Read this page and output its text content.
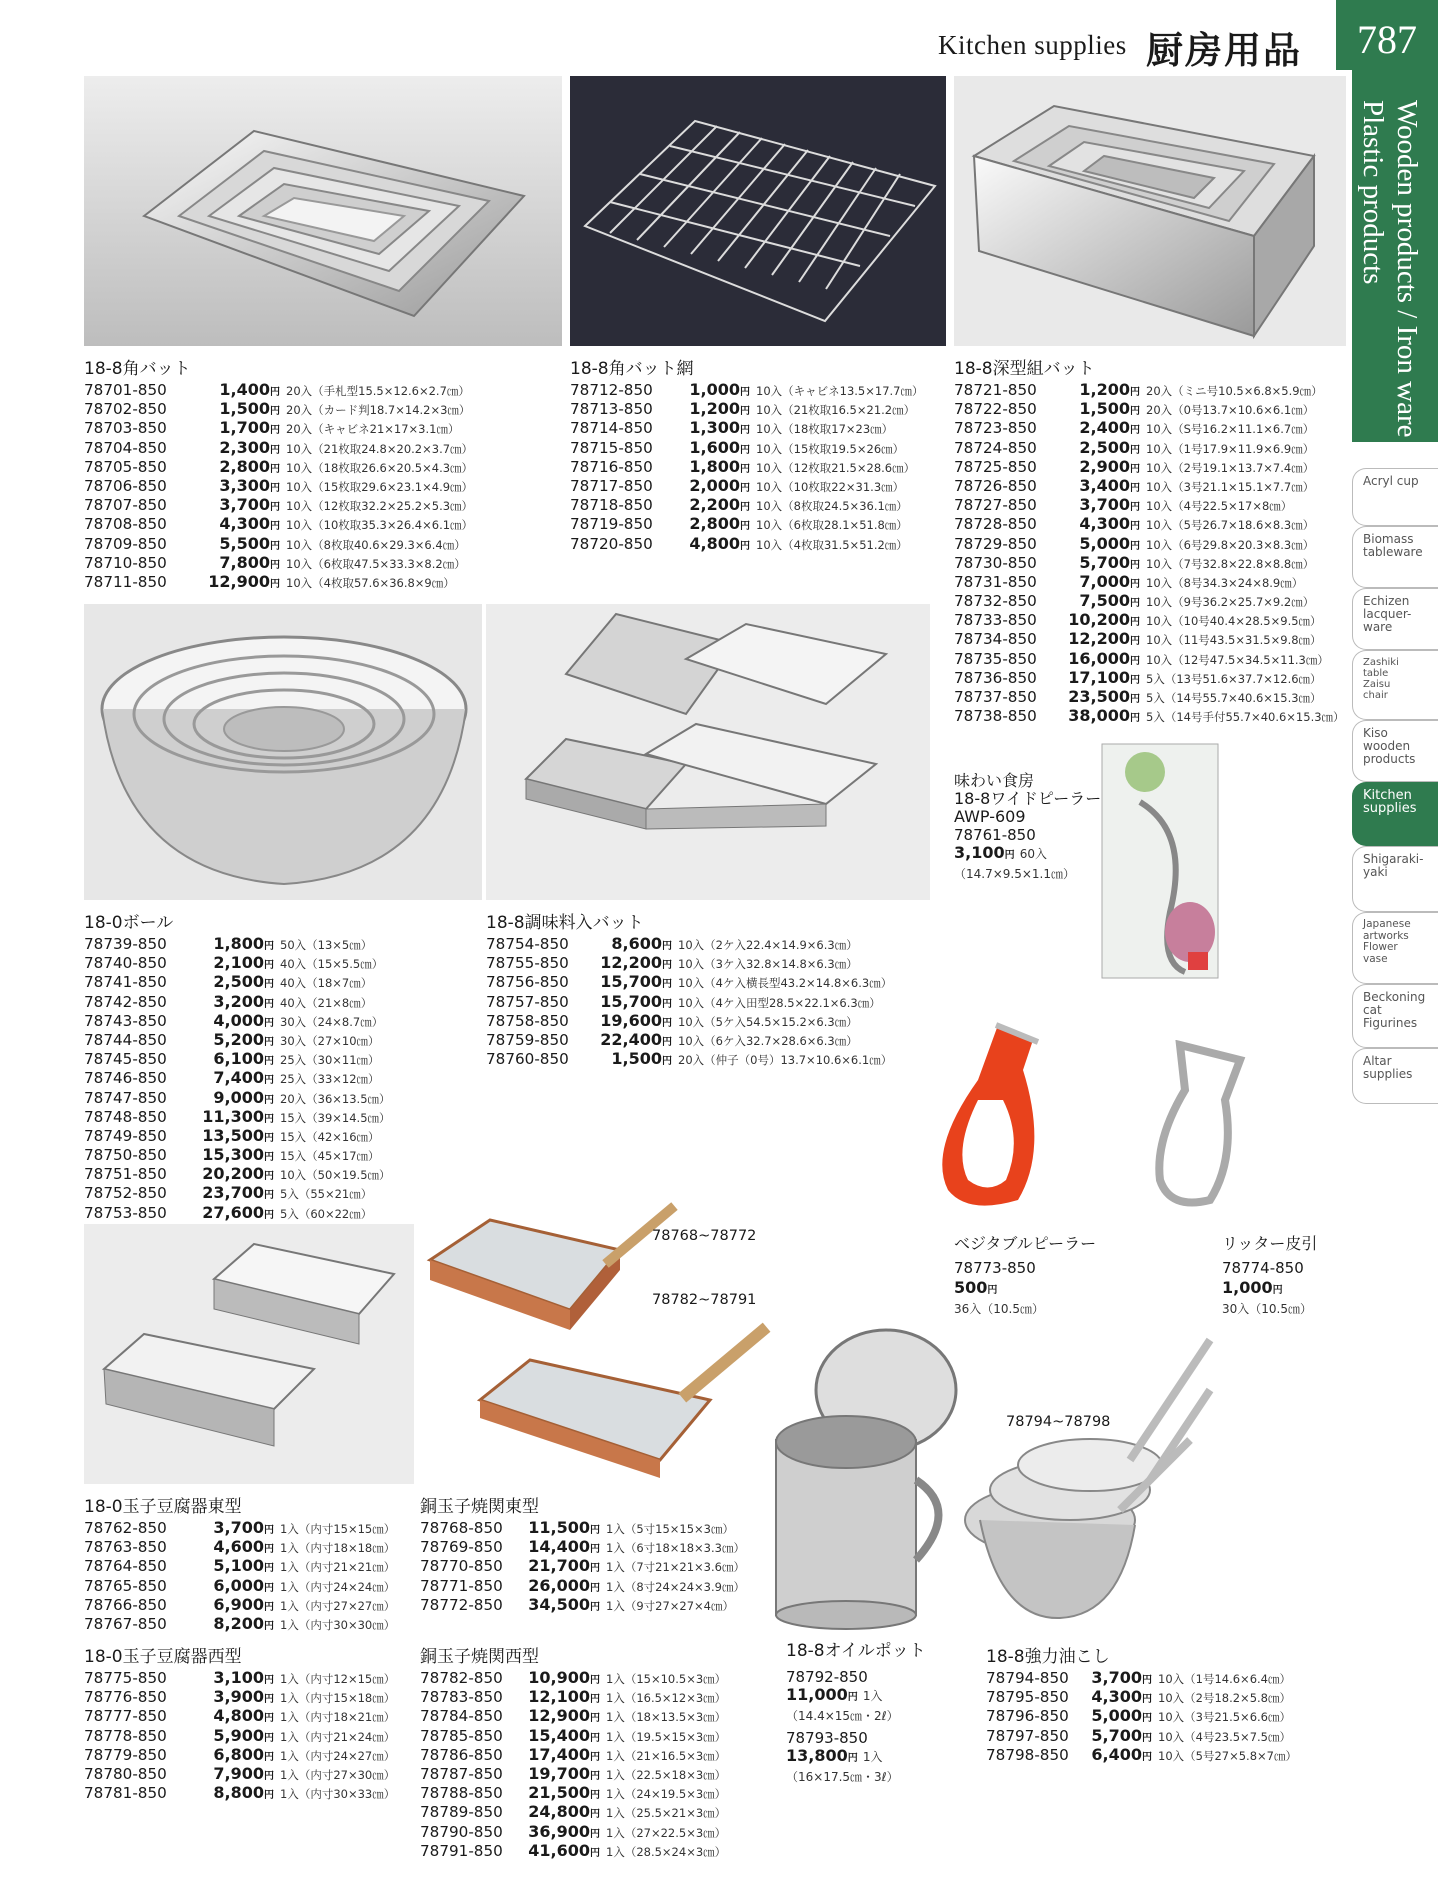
Kitchen supplies 厨房用品	787
Wooden products / Iron ware
Plastic products
Acryl cup
Biomass tableware
Echizen lacquer-ware
Zashiki table Zaisu chair
Kiso wooden products
Kitchen supplies
Shigaraki-yaki
Japanese artworks Flower vase
Beckoning cat Figurines
Altar supplies
18-8角バット
78701-850	1,400円 20入（手札型15.5×12.6×2.7㎝）
78702-850	1,500円 20入（カード判18.7×14.2×3㎝）
78703-850	1,700円 20入（キャビネ21×17×3.1㎝）
78704-850	2,300円 10入（21枚取24.8×20.2×3.7㎝）
78705-850	2,800円 10入（18枚取26.6×20.5×4.3㎝）
78706-850	3,300円 10入（15枚取29.6×23.1×4.9㎝）
78707-850	3,700円 10入（12枚取32.2×25.2×5.3㎝）
78708-850	4,300円 10入（10枚取35.3×26.4×6.1㎝）
78709-850	5,500円 10入（8枚取40.6×29.3×6.4㎝）
78710-850	7,800円 10入（6枚取47.5×33.3×8.2㎝）
78711-850	12,900円 10入（4枚取57.6×36.8×9㎝）
18-8角バット網
78712-850 1,000円 10入（キャビネ13.5×17.7㎝）
78713-850 1,200円 10入（21枚取16.5×21.2㎝）
78714-850 1,300円 10入（18枚取17×23㎝）
78715-850 1,600円 10入（15枚取19.5×26㎝）
78716-850 1,800円 10入（12枚取21.5×28.6㎝）
78717-850 2,000円 10入（10枚取22×31.3㎝）
78718-850 2,200円 10入（8枚取24.5×36.1㎝）
78719-850 2,800円 10入（6枚取28.1×51.8㎝）
78720-850 4,800円 10入（4枚取31.5×51.2㎝）
18-8深型組バット
78721-850	1,200円 20入（ミニ号10.5×6.8×5.9㎝）
78722-850	1,500円 20入（0号13.7×10.6×6.1㎝）
78723-850	2,400円 10入（S号16.2×11.1×6.7㎝）
78724-850	2,500円 10入（1号17.9×11.9×6.9㎝）
78725-850	2,900円 10入（2号19.1×13.7×7.4㎝）
78726-850	3,400円 10入（3号21.1×15.1×7.7㎝）
78727-850	3,700円 10入（4号22.5×17×8㎝）
78728-850	4,300円 10入（5号26.7×18.6×8.3㎝）
78729-850	5,000円 10入（6号29.8×20.3×8.3㎝）
78730-850	5,700円 10入（7号32.8×22.8×8.8㎝）
78731-850	7,000円 10入（8号34.3×24×8.9㎝）
78732-850	7,500円 10入（9号36.2×25.7×9.2㎝）
78733-850 10,200円 10入（10号40.4×28.5×9.5㎝）
78734-850 12,200円 10入（11号43.5×31.5×9.8㎝）
78735-850 16,000円 10入（12号47.5×34.5×11.3㎝）
78736-850 17,100円 5入（13号51.6×37.7×12.6㎝）
78737-850 23,500円 5入（14号55.7×40.6×15.3㎝）
78738-850 38,000円 5入（14号手付55.7×40.6×15.3㎝）
18-0ボール
78739-850	1,800円 50入（13×5㎝）
78740-850	2,100円 40入（15×5.5㎝）
78741-850	2,500円 40入（18×7㎝）
78742-850	3,200円 40入（21×8㎝）
78743-850	4,000円 30入（24×8.7㎝）
78744-850	5,200円 30入（27×10㎝）
78745-850	6,100円 25入（30×11㎝）
78746-850	7,400円 25入（33×12㎝）
78747-850	9,000円 20入（36×13.5㎝）
78748-850 11,300円 15入（39×14.5㎝）
78749-850 13,500円 15入（42×16㎝）
78750-850 15,300円 15入（45×17㎝）
78751-850 20,200円 10入（50×19.5㎝）
78752-850 23,700円 5入（55×21㎝）
78753-850 27,600円 5入（60×22㎝）
18-8調味料入バット
78754-850	8,600円 10入（2ケ入22.4×14.9×6.3㎝）
78755-850 12,200円 10入（3ケ入32.8×14.8×6.3㎝）
78756-850 15,700円 10入（4ケ入横長型43.2×14.8×6.3㎝）
78757-850 15,700円 10入（4ケ入田型28.5×22.1×6.3㎝）
78758-850 19,600円 10入（5ケ入54.5×15.2×6.3㎝）
78759-850 22,400円 10入（6ケ入32.7×28.6×6.3㎝）
78760-850	1,500円 20入（仲子（0号）13.7×10.6×6.1㎝）
18-0玉子豆腐器東型
78762-850	3,700円 1入（内寸15×15㎝）
78763-850	4,600円 1入（内寸18×18㎝）
78764-850	5,100円 1入（内寸21×21㎝）
78765-850	6,000円 1入（内寸24×24㎝）
78766-850	6,900円 1入（内寸27×27㎝）
78767-850	8,200円 1入（内寸30×30㎝）
18-0玉子豆腐器西型
78775-850	3,100円 1入（内寸12×15㎝）
78776-850	3,900円 1入（内寸15×18㎝）
78777-850	4,800円 1入（内寸18×21㎝）
78778-850	5,900円 1入（内寸21×24㎝）
78779-850	6,800円 1入（内寸24×27㎝）
78780-850	7,900円 1入（内寸27×30㎝）
78781-850	8,800円 1入（内寸30×33㎝）
銅玉子焼関東型
78768-850 11,500円 1入（5寸15×15×3㎝）
78769-850 14,400円 1入（6寸18×18×3.3㎝）
78770-850 21,700円 1入（7寸21×21×3.6㎝）
78771-850 26,000円 1入（8寸24×24×3.9㎝）
78772-850 34,500円 1入（9寸27×27×4㎝）
銅玉子焼関西型
78782-850 10,900円 1入（15×10.5×3㎝）
78783-850 12,100円 1入（16.5×12×3㎝）
78784-850 12,900円 1入（18×13.5×3㎝）
78785-850 15,400円 1入（19.5×15×3㎝）
78786-850 17,400円 1入（21×16.5×3㎝）
78787-850 19,700円 1入（22.5×18×3㎝）
78788-850 21,500円 1入（24×19.5×3㎝）
78789-850 24,800円 1入（25.5×21×3㎝）
78790-850 36,900円 1入（27×22.5×3㎝）
78791-850 41,600円 1入（28.5×24×3㎝）
18-8強力油こし
78794-850 3,700円 10入（1号14.6×6.4㎝）
78795-850 4,300円 10入（2号18.2×5.8㎝）
78796-850 5,000円 10入（3号21.5×6.6㎝）
78797-850 5,700円 10入（4号23.5×7.5㎝）
78798-850 6,400円 10入（5号27×5.8×7㎝）
78768~78772
78782~78791
78794~78798
味わい食房
18-8ワイドピーラー
AWP-609
78761-850
3,100円 60入
（14.7×9.5×1.1㎝）
ベジタブルピーラー
78773-850
500円
36入（10.5㎝）
リッター皮引
78774-850
1,000円
30入（10.5㎝）
18-8オイルポット
78792-850
11,000円 1入
（14.4×15㎝・2ℓ）
78793-850
13,800円 1入
（16×17.5㎝・3ℓ）
